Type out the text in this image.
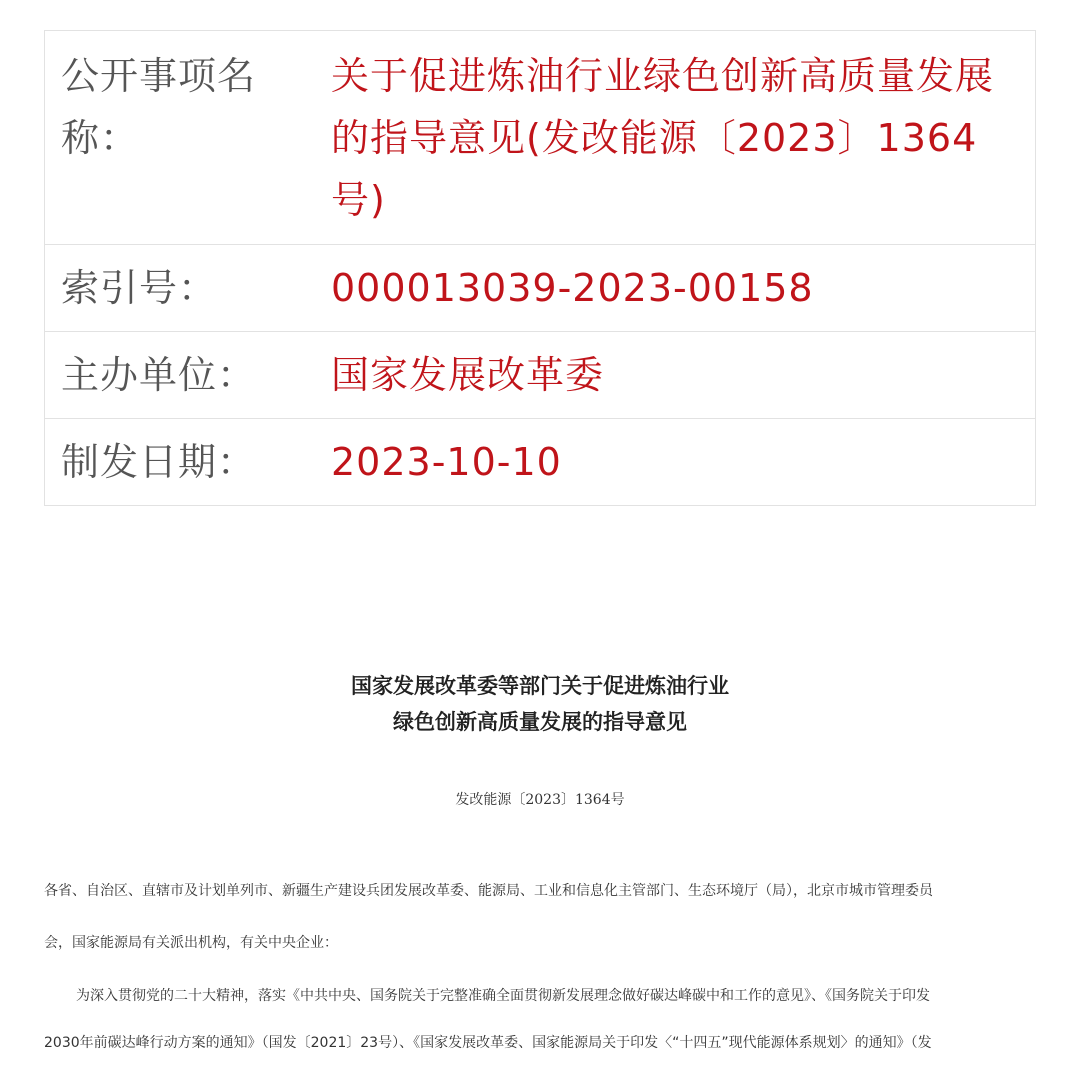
公开事项名称：
关于促进炼油行业绿色创新高质量发展的指导意见(发改能源〔2023〕1364号)
索引号：	000013039-2023-00158
主办单位：	国家发展改革委
制发日期：	2023-10-10
国家发展改革委等部门关于促进炼油行业
绿色创新高质量发展的指导意见
发改能源〔2023〕1364号
各省、自治区、直辖市及计划单列市、新疆生产建设兵团发展改革委、能源局、工业和信息化主管部门、生态环境厅（局），北京市城市管理委员
会，国家能源局有关派出机构，有关中央企业：
为深入贯彻党的二十大精神，落实《中共中央、国务院关于完整准确全面贯彻新发展理念做好碳达峰碳中和工作的意见》、《国务院关于印发
2030年前碳达峰行动方案的通知》（国发〔2021〕23号）、《国家发展改革委、国家能源局关于印发〈“十四五”现代能源体系规划〉的通知》（发
